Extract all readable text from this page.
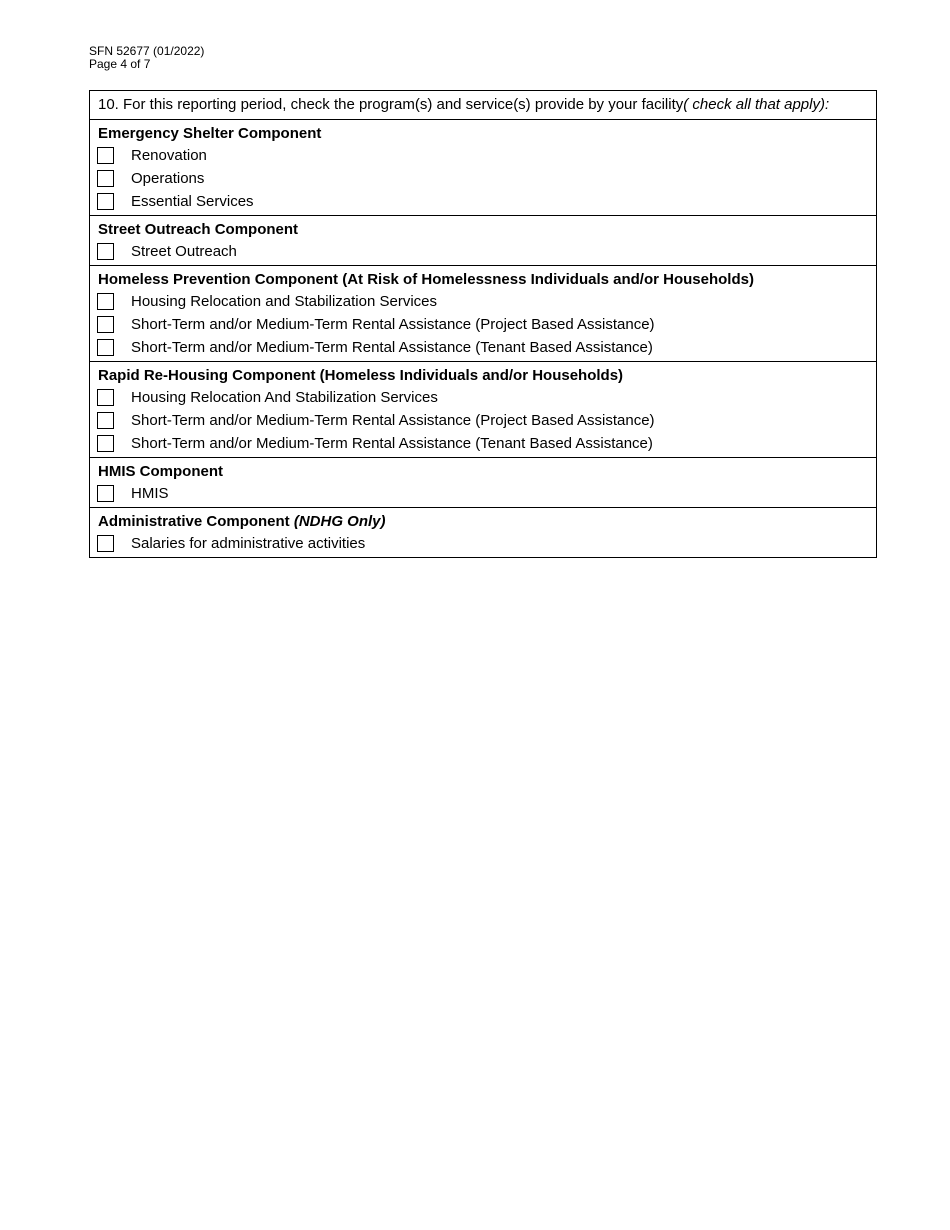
SFN 52677 (01/2022)
Page 4 of 7
10. For this reporting period, check the program(s) and service(s) provide by your facility( check all that apply):
Emergency Shelter Component
Renovation
Operations
Essential Services
Street Outreach Component
Street Outreach
Homeless Prevention Component (At Risk of Homelessness Individuals and/or Households)
Housing Relocation and Stabilization Services
Short-Term and/or Medium-Term Rental Assistance (Project Based Assistance)
Short-Term and/or Medium-Term Rental Assistance (Tenant Based Assistance)
Rapid Re-Housing Component (Homeless Individuals and/or Households)
Housing Relocation And Stabilization Services
Short-Term and/or Medium-Term Rental Assistance (Project Based Assistance)
Short-Term and/or Medium-Term Rental Assistance (Tenant Based Assistance)
HMIS Component
HMIS
Administrative Component (NDHG Only)
Salaries for administrative activities
